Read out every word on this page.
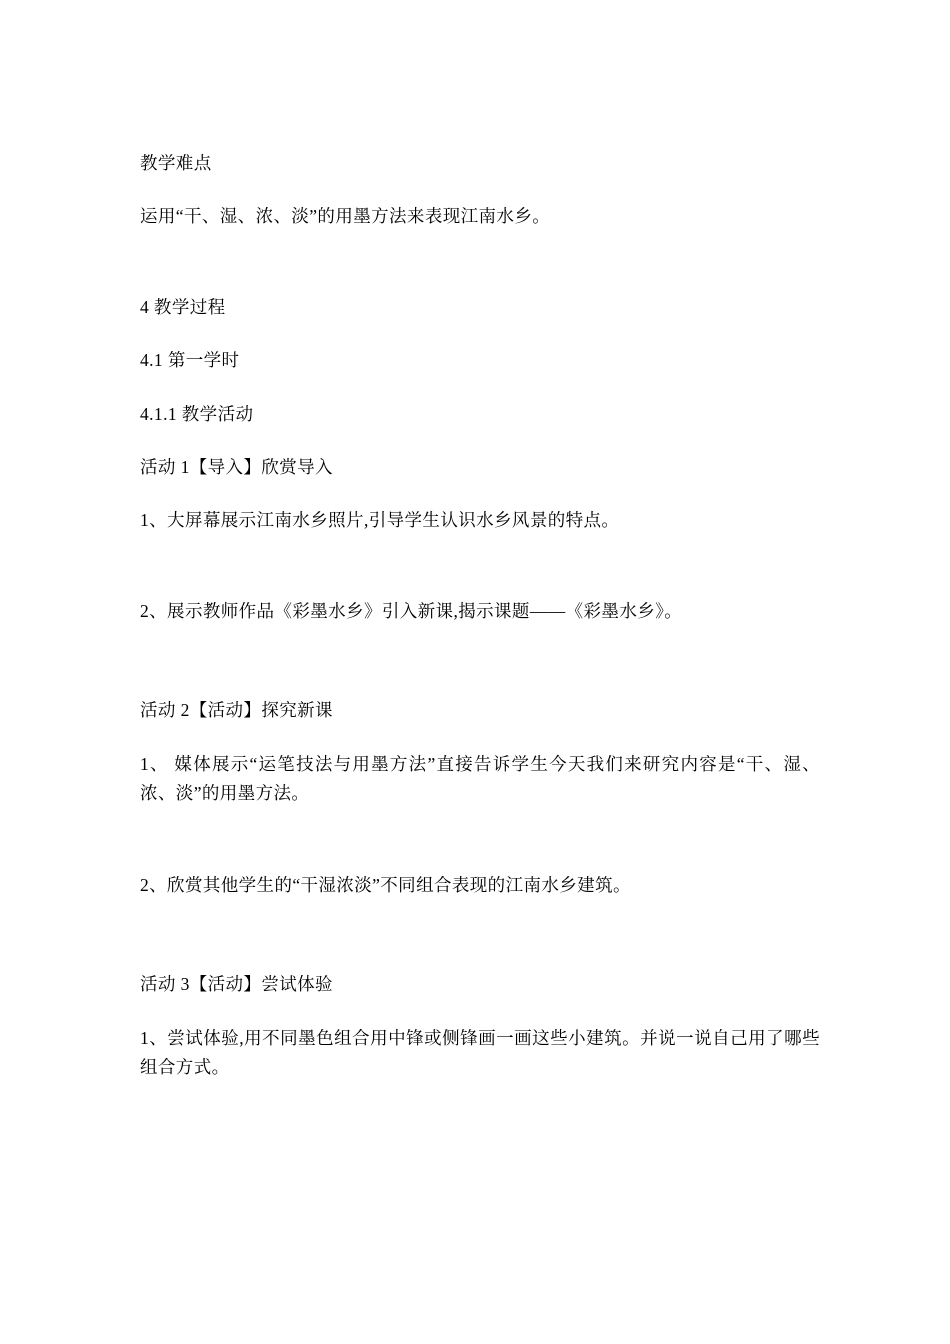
教学难点

运用“干、湿、浓、淡”的用墨方法来表现江南水乡。

4 教学过程

4.1 第一学时

4.1.1 教学活动

活动 1【导入】欣赏导入

1、大屏幕展示江南水乡照片,引导学生认识水乡风景的特点。

2、展示教师作品《彩墨水乡》引入新课,揭示课题——《彩墨水乡》。

活动 2【活动】探究新课

1、 媒体展示“运笔技法与用墨方法”直接告诉学生今天我们来研究内容是“干、湿、浓、淡”的用墨方法。

2、欣赏其他学生的“干湿浓淡”不同组合表现的江南水乡建筑。

活动 3【活动】尝试体验

1、尝试体验,用不同墨色组合用中锋或侧锋画一画这些小建筑。并说一说自己用了哪些组合方式。
